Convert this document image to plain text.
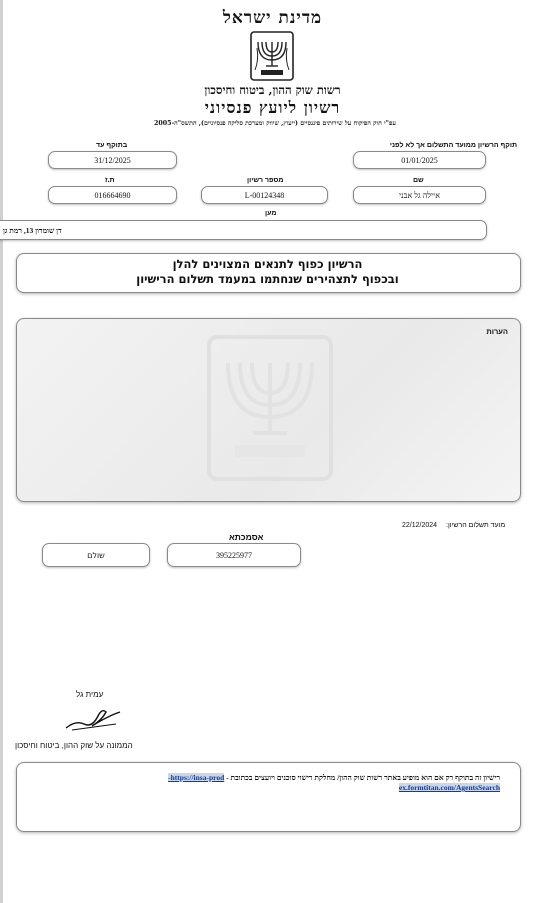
מדינת ישראל
רשות שוק ההון, ביטוח וחיסכון
רשיון ליועץ פנסיוני
עפ"י חוק הפיקוח על שירותים פיננסיים (ייעוץ, שיווק ומערכת סליקה פנסיוניים), התשס"ה-2005
תוקף הרשיון ממועד התשלום אך לא לפני
01/01/2025
בתוקף עד
31/12/2025
שם
איילה גל אבני
מספר רשיון
L-00124348
ת.ז
016664690
מען
דן שומרון 13, רמת גן
הרשיון כפוף לתנאים המצוינים להלן
ובכפוף לתצהירים שנחתמו במעמד תשלום הרישיון
הערות
מועד תשלום הרשיון:
22/12/2024
אסמכתא
395225977
שולם
עמית גל
הממונה על שוק ההון, ביטוח וחיסכון
רישיון זה בתוקף רק אם הוא מופיע באתר רשות שוק ההון/ מחלקת רישוי סוכנים ויועצים בכתובת - https://insa-prod-
ex.formtitan.com/AgentsSearch
